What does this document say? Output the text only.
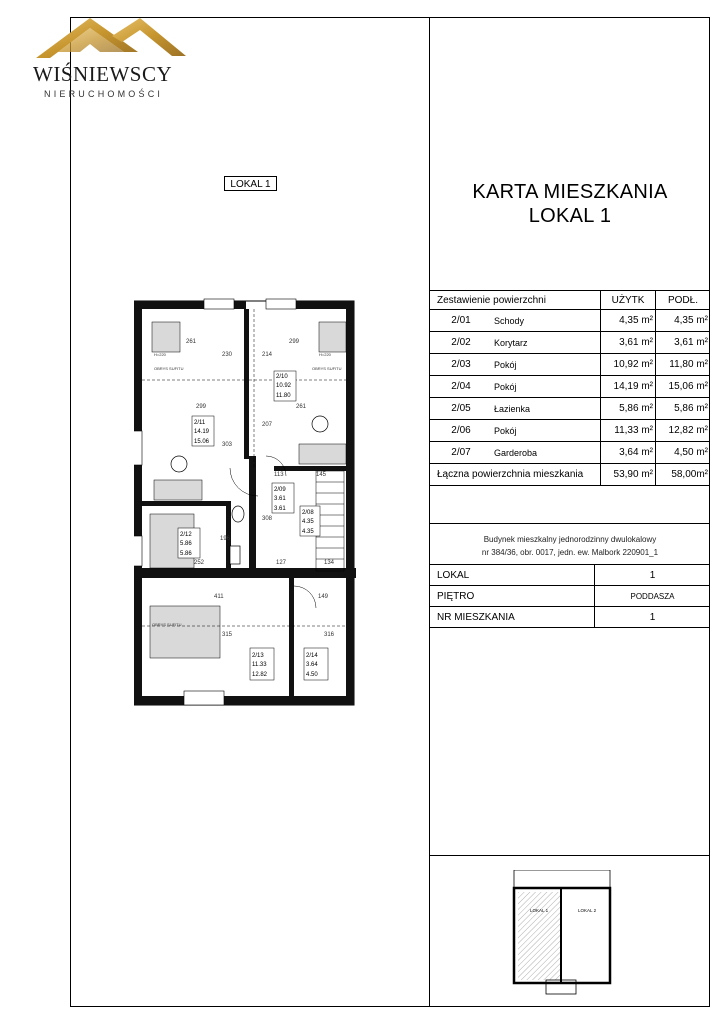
WIŚNIEWSCY
NIERUCHOMOŚCI
LOKAL 1
2/10
10.92
11.80
2/11
14.19
15.06
2/09
3.61
3.61
2/08
4.35
4.35
2/12
5.86
5.86
2/13
11.33
12.82
2/14
3.64
4.50
261
230	214
299
299	261
207
303
113	145
308
196
127	134
411	149
315	316
252
OBRYS SUFITU	OBRYS SUFITU
OBRYS SUFITU
H=220	H=220
KARTA MIESZKANIA
LOKAL 1
Zestawienie powierzchni		UŻYTK	PODŁ.
2/01	Schody	4,35 m²	4,35 m²
2/02	Korytarz	3,61 m²	3,61 m²
2/03	Pokój	10,92 m²	11,80 m²
2/04	Pokój	14,19 m²	15,06 m²
2/05	Łazienka	5,86 m²	5,86 m²
2/06	Pokój	11,33 m²	12,82 m²
2/07	Garderoba	3,64 m²	4,50 m²
Łączna powierzchnia mieszkania		53,90 m²	58,00m²
Budynek mieszkalny jednorodzinny dwulokalowy
nr 384/36, obr. 0017, jedn. ew. Malbork 220901_1
LOKAL	1
PIĘTRO	PODDASZA
NR MIESZKANIA	1
LOKAL 1	LOKAL 2
